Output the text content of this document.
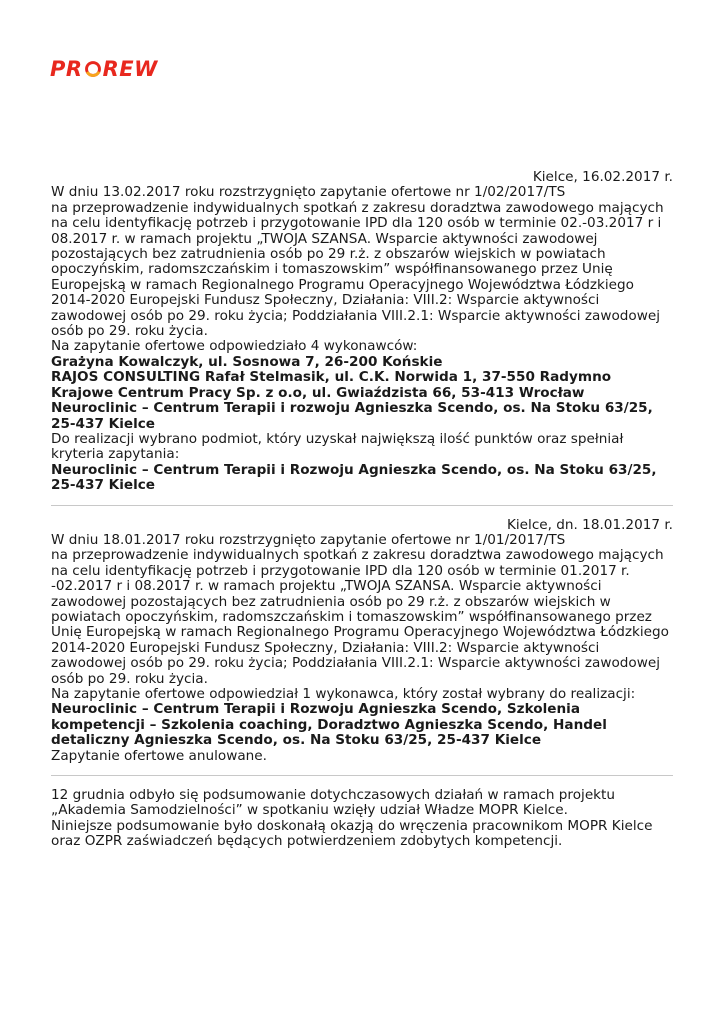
PR REW

Kielce, 16.02.2017 r.

W dniu 13.02.2017 roku rozstrzygnięto zapytanie ofertowe nr 1/02/2017/TS

na przeprowadzenie indywidualnych spotkań z zakresu doradztwa zawodowego mających na celu identyfikację potrzeb i przygotowanie IPD dla 120 osób w terminie 02.-03.2017 r i 08.2017 r. w ramach projektu „TWOJA SZANSA. Wsparcie aktywności zawodowej pozostających bez zatrudnienia osób po 29 r.ż. z obszarów wiejskich w powiatach opoczyńskim, radomszczańskim i tomaszowskim” współfinansowanego przez Unię Europejską w ramach Regionalnego Programu Operacyjnego Województwa Łódzkiego 2014-2020 Europejski Fundusz Społeczny, Działania: VIII.2: Wsparcie aktywności zawodowej osób po 29. roku życia; Poddziałania VIII.2.1: Wsparcie aktywności zawodowej osób po 29. roku życia.

Na zapytanie ofertowe odpowiedziało 4 wykonawców:

Grażyna Kowalczyk, ul. Sosnowa 7, 26-200 Końskie

RAJOS CONSULTING Rafał Stelmasik, ul. C.K. Norwida 1, 37-550 Radymno

Krajowe Centrum Pracy Sp. z o.o, ul. Gwiaździsta 66, 53-413 Wrocław

Neuroclinic – Centrum Terapii i rozwoju Agnieszka Scendo, os. Na Stoku 63/25, 25-437 Kielce

Do realizacji wybrano podmiot, który uzyskał największą ilość punktów oraz spełniał kryteria zapytania:

Neuroclinic – Centrum Terapii i Rozwoju Agnieszka Scendo, os. Na Stoku 63/25, 25-437 Kielce

Kielce, dn. 18.01.2017 r.

W dniu 18.01.2017 roku rozstrzygnięto zapytanie ofertowe nr 1/01/2017/TS

na przeprowadzenie indywidualnych spotkań z zakresu doradztwa zawodowego mających na celu identyfikację potrzeb i przygotowanie IPD dla 120 osób w terminie 01.2017 r. -02.2017 r i 08.2017 r. w ramach projektu „TWOJA SZANSA. Wsparcie aktywności zawodowej pozostających bez zatrudnienia osób po 29 r.ż. z obszarów wiejskich w powiatach opoczyńskim, radomszczańskim i tomaszowskim” współfinansowanego przez Unię Europejską w ramach Regionalnego Programu Operacyjnego Województwa Łódzkiego 2014-2020 Europejski Fundusz Społeczny, Działania: VIII.2: Wsparcie aktywności zawodowej osób po 29. roku życia; Poddziałania VIII.2.1: Wsparcie aktywności zawodowej osób po 29. roku życia.

Na zapytanie ofertowe odpowiedział 1 wykonawca, który został wybrany do realizacji:

Neuroclinic – Centrum Terapii i Rozwoju Agnieszka Scendo, Szkolenia kompetencji – Szkolenia coaching, Doradztwo Agnieszka Scendo, Handel detaliczny Agnieszka Scendo, os. Na Stoku 63/25, 25-437 Kielce

Zapytanie ofertowe anulowane.

12 grudnia odbyło się podsumowanie dotychczasowych działań w ramach projektu „Akademia Samodzielności” w spotkaniu wzięły udział Władze MOPR Kielce.

Niniejsze podsumowanie było doskonałą okazją do wręczenia pracownikom MOPR Kielce oraz OZPR zaświadczeń będących potwierdzeniem zdobytych kompetencji.
